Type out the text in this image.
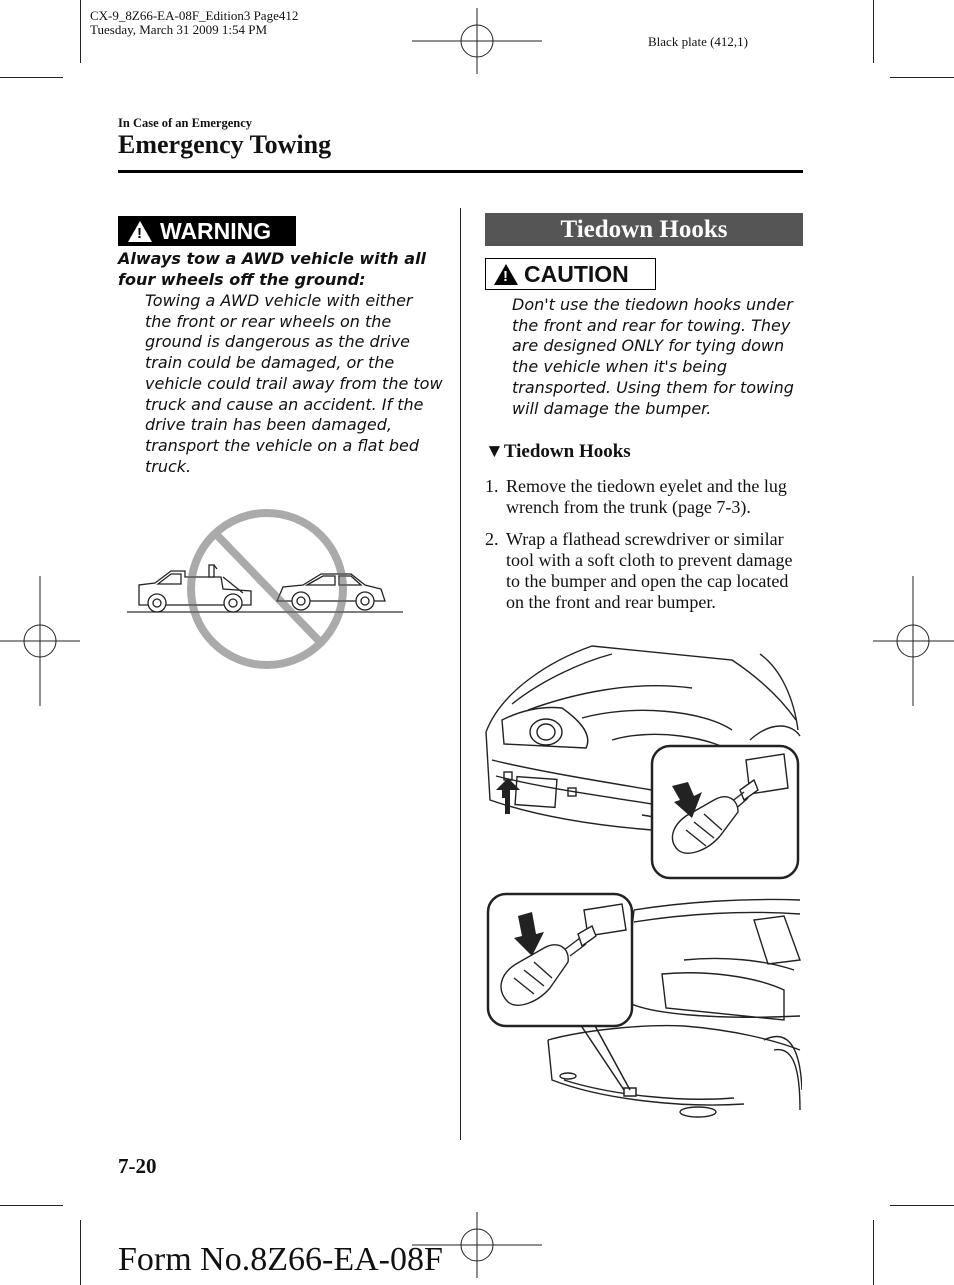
CX-9_8Z66-EA-08F_Edition3 Page412
Tuesday, March 31 2009 1:54 PM
Black plate (412,1)
In Case of an Emergency
Emergency Towing
! WARNING
Always tow a AWD vehicle with all four wheels off the ground:
Towing a AWD vehicle with either the front or rear wheels on the ground is dangerous as the drive train could be damaged, or the vehicle could trail away from the tow truck and cause an accident. If the drive train has been damaged, transport the vehicle on a flat bed truck.
Tiedown Hooks
! CAUTION
Don't use the tiedown hooks under the front and rear for towing. They are designed ONLY for tying down the vehicle when it's being transported. Using them for towing will damage the bumper.
▼Tiedown Hooks
1. Remove the tiedown eyelet and the lug wrench from the trunk (page 7-3).
2. Wrap a flathead screwdriver or similar tool with a soft cloth to prevent damage to the bumper and open the cap located on the front and rear bumper.
7-20
Form No.8Z66-EA-08F
